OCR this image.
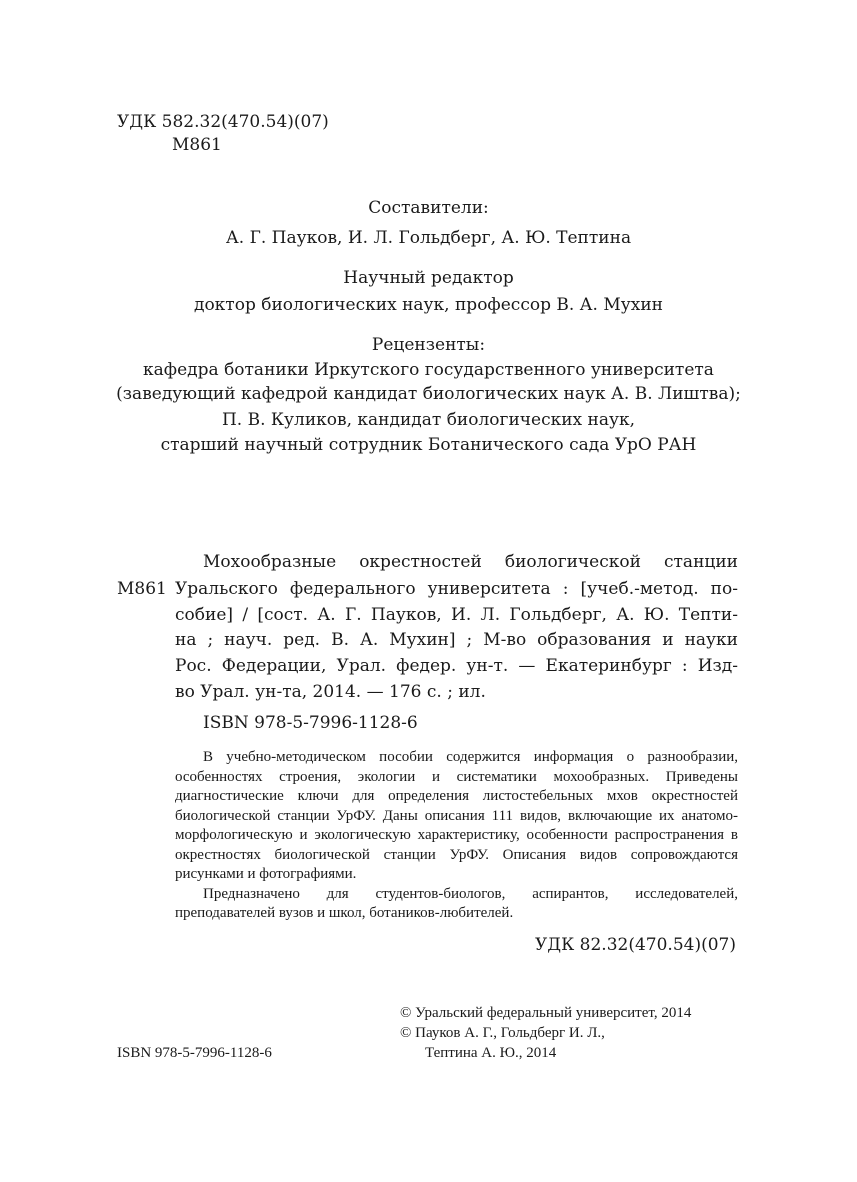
УДК 582.32(470.54)(07)
М861
Составители:
А. Г. Пауков, И. Л. Гольдберг, А. Ю. Тептина
Научный редактор
доктор биологических наук, профессор В. А. Мухин
Рецензенты:
кафедра ботаники Иркутского государственного университета
(заведующий кафедрой кандидат биологических наук А. В. Лиштва);
П. В. Куликов, кандидат биологических наук,
старший научный сотрудник Ботанического сада УрО РАН
М861
Мохообразные окрестностей биологической станции
Уральского федерального университета : [учеб.-метод. по-
собие] / [сост. А. Г. Пауков, И. Л. Гольдберг, А. Ю. Тепти-
на ; науч. ред. В. А. Мухин] ; М-во образования и науки
Рос. Федерации, Урал. федер. ун-т. — Екатеринбург : Изд-
во Урал. ун-та, 2014. — 176 с. ; ил.
ISBN 978-5-7996-1128-6

В учебно-методическом пособии содержится информация о разнообразии, особенностях строения, экологии и систематики мохообразных. Приведены диагностические ключи для определения листостебельных мхов окрестностей биологической станции УрФУ. Даны описания 111 видов, включающие их анатомо-морфологическую и экологическую характеристику, особенности распространения в окрестностях биологической станции УрФУ. Описания видов сопровождаются рисунками и фотографиями.

Предназначено для студентов-биологов, аспирантов, исследователей, преподавателей вузов и школ, ботаников-любителей.

УДК 82.32(470.54)(07)
© Уральский федеральный университет, 2014
© Пауков А. Г., Гольдберг И. Л.,
Тептина А. Ю., 2014
ISBN 978-5-7996-1128-6
